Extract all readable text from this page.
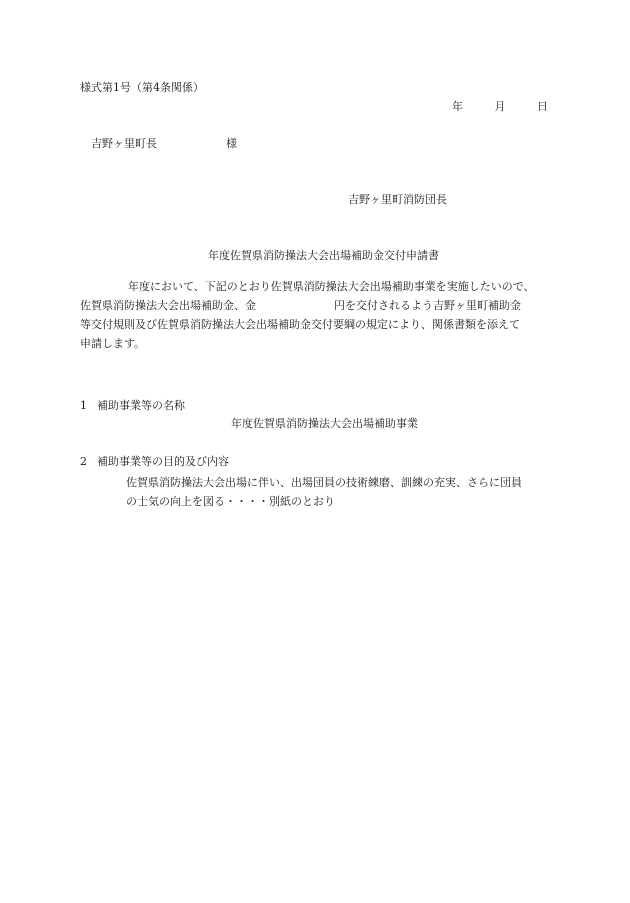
様式第1号（第4条関係）
年	月	日
吉野ヶ里町長	様
吉野ヶ里町消防団長
年度佐賀県消防操法大会出場補助金交付申請書
年度において、下記のとおり佐賀県消防操法大会出場補助事業を実施したいので、
佐賀県消防操法大会出場補助金、金	円を交付されるよう吉野ヶ里町補助金
等交付規則及び佐賀県消防操法大会出場補助金交付要綱の規定により、関係書類を添えて
申請します。
1 補助事業等の名称
年度佐賀県消防操法大会出場補助事業
2 補助事業等の目的及び内容
佐賀県消防操法大会出場に伴い、出場団員の技術練磨、訓練の充実、さらに団員
の士気の向上を図る・・・・別紙のとおり
